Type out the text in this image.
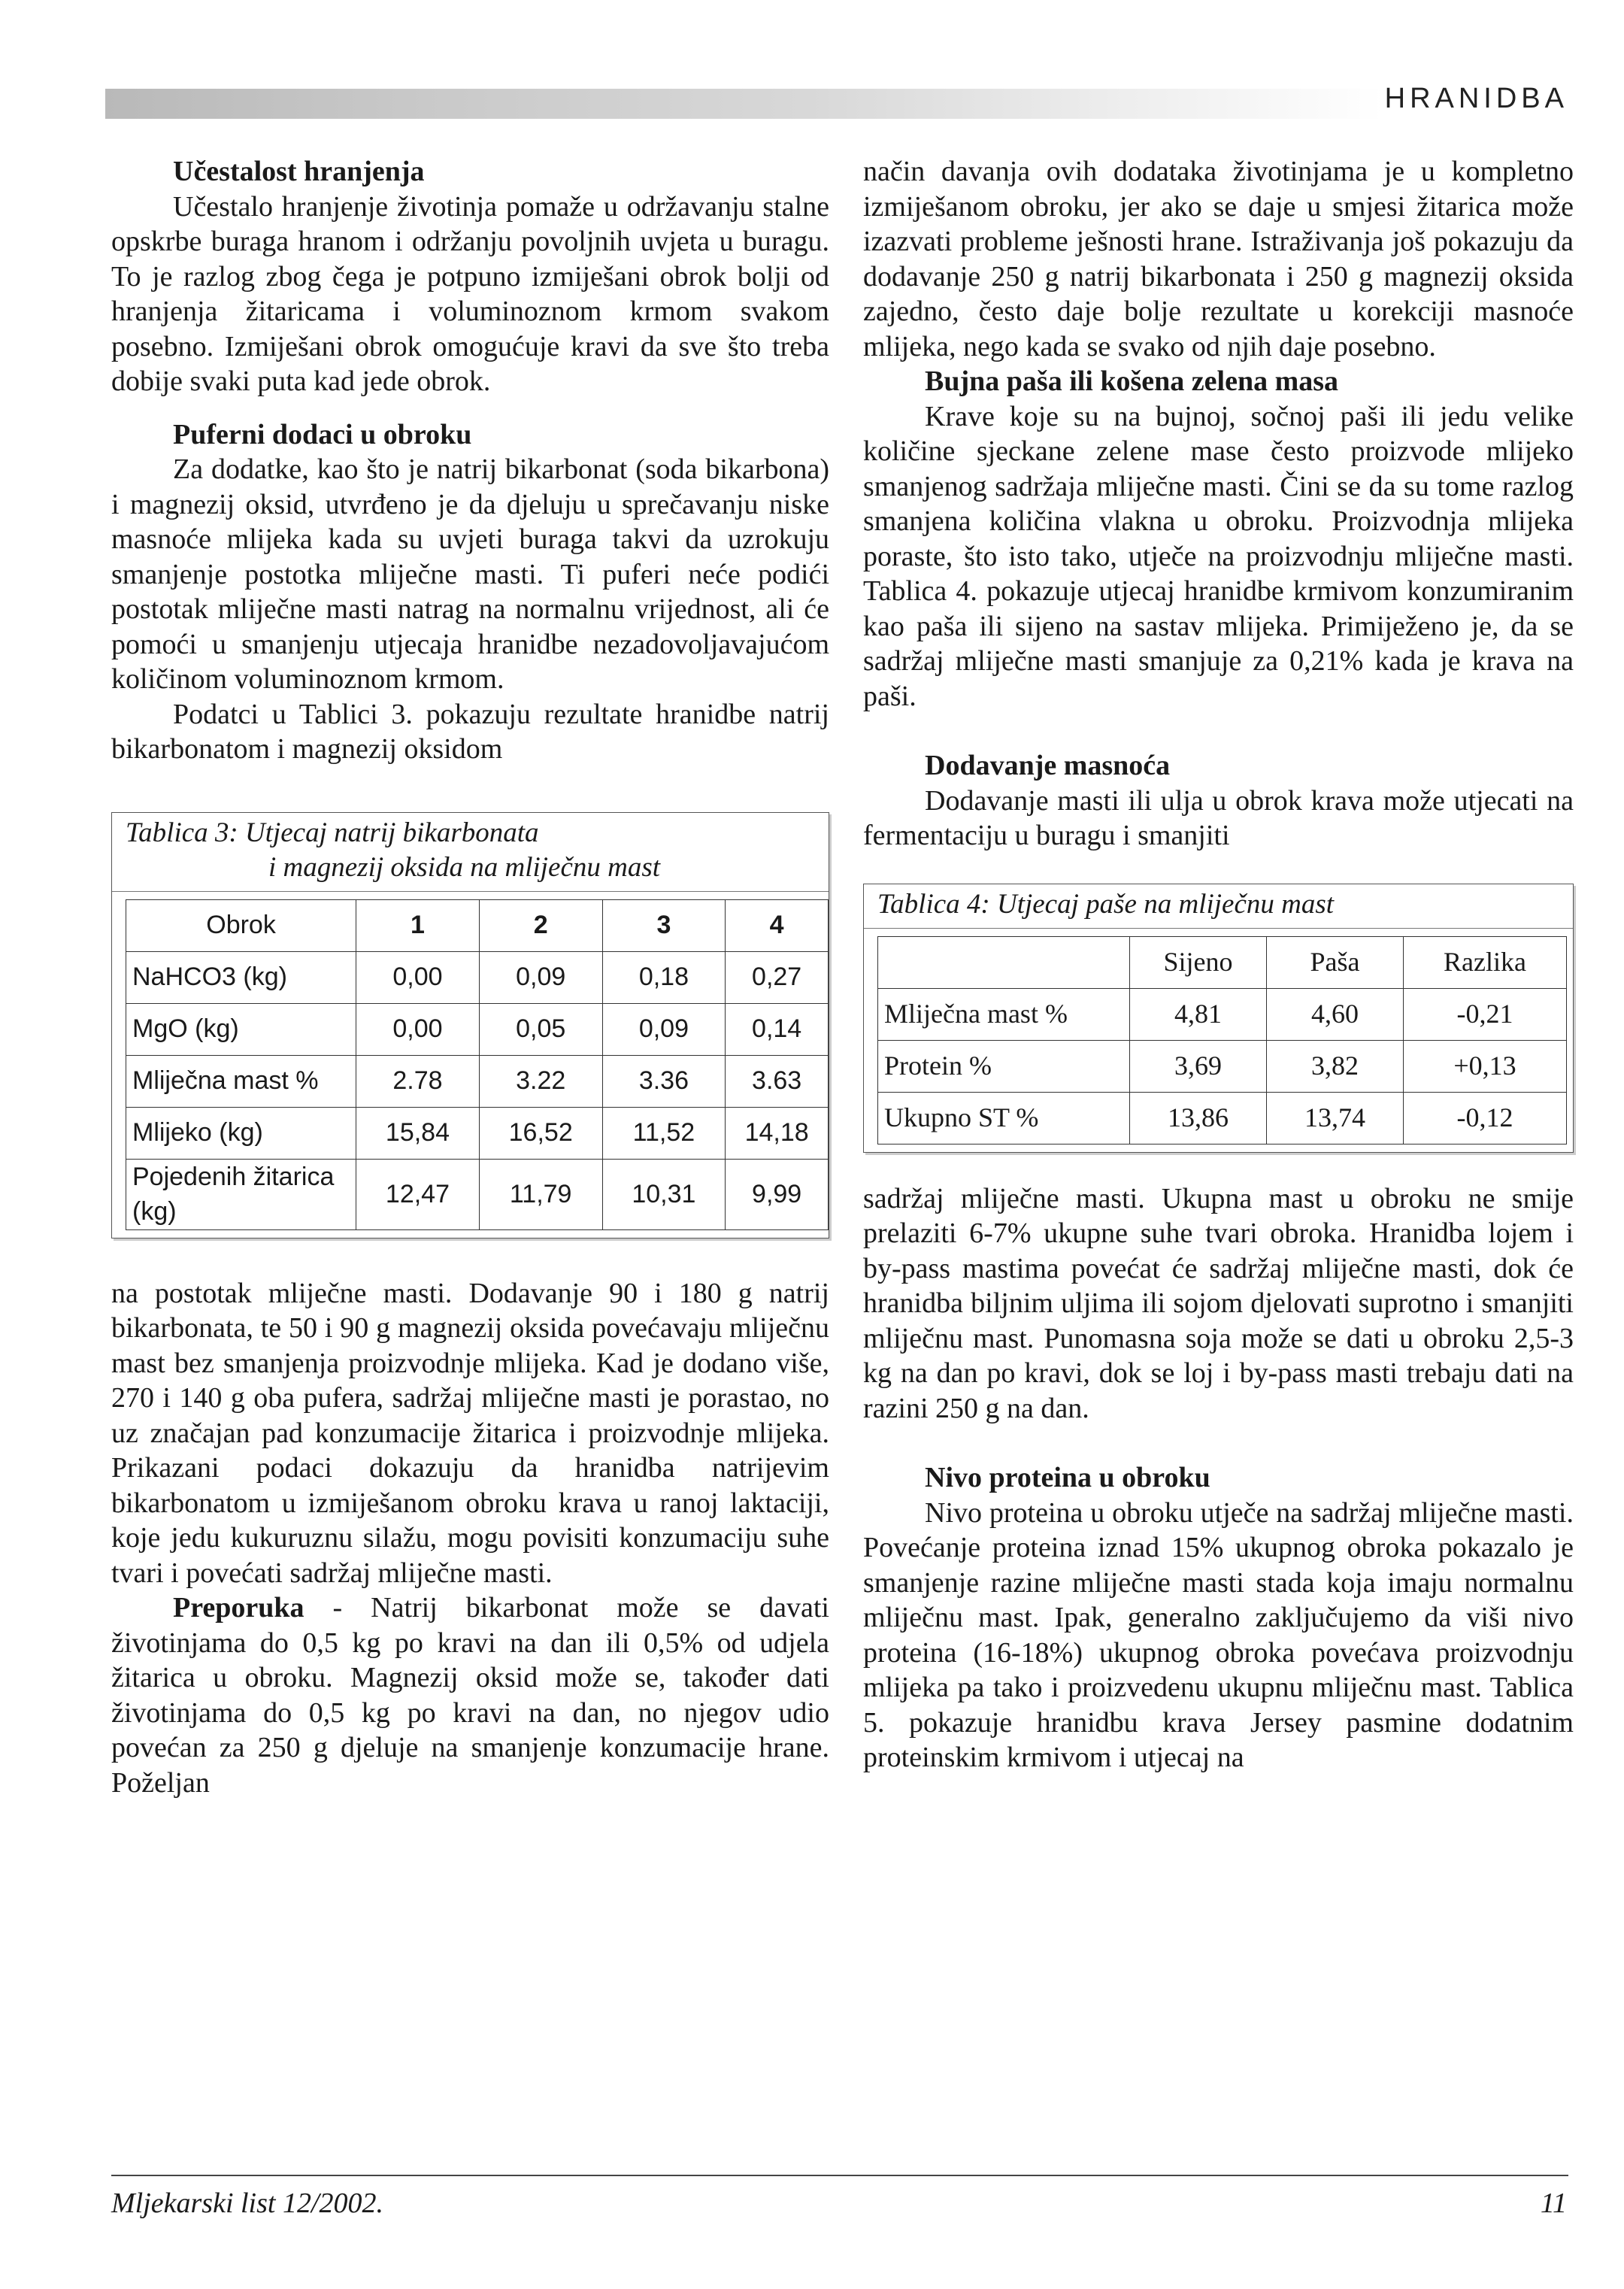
HRANIDBA
Učestalost hranjenja

Učestalo hranjenje životinja pomaže u održavanju stalne opskrbe buraga hranom i održanju povoljnih uvjeta u buragu. To je razlog zbog čega je potpuno izmiješani obrok bolji od hranjenja žitaricama i voluminoznom krmom svakom posebno. Izmiješani obrok omogućuje kravi da sve što treba dobije svaki puta kad jede obrok.

Puferni dodaci u obroku

Za dodatke, kao što je natrij bikarbonat (soda bikarbona) i magnezij oksid, utvrđeno je da djeluju u sprečavanju niske masnoće mlijeka kada su uvjeti buraga takvi da uzrokuju smanjenje postotka mliječne masti. Ti puferi neće podići postotak mliječne masti natrag na normalnu vrijednost, ali će pomoći u smanjenju utjecaja hranidbe nezadovoljavajućom količinom voluminoznom krmom.

Podatci u Tablici 3. pokazuju rezultate hranidbe natrij bikarbonatom i magnezij oksidom

Tablica 3: Utjecaj natrij bikarbonata
i magnezij oksida na mliječnu mast
Obrok	1	2	3	4
NaHCO3 (kg)	0,00	0,09	0,18	0,27
MgO (kg)	0,00	0,05	0,09	0,14
Mliječna mast %	2.78	3.22	3.36	3.63
Mlijeko (kg)	15,84	16,52	11,52	14,18
Pojedenih žitarica (kg)	12,47	11,79	10,31	9,99

na postotak mliječne masti. Dodavanje 90 i 180 g natrij bikarbonata, te 50 i 90 g magnezij oksida povećavaju mliječnu mast bez smanjenja proizvodnje mlijeka. Kad je dodano više, 270 i 140 g oba pufera, sadržaj mliječne masti je porastao, no uz značajan pad konzumacije žitarica i proizvodnje mlijeka. Prikazani podaci dokazuju da hranidba natrijevim bikarbonatom u izmiješanom obroku krava u ranoj laktaciji, koje jedu kukuruznu silažu, mogu povisiti konzumaciju suhe tvari i povećati sadržaj mliječne masti.

Preporuka - Natrij bikarbonat može se davati životinjama do 0,5 kg po kravi na dan ili 0,5% od udjela žitarica u obroku. Magnezij oksid može se, također dati životinjama do 0,5 kg po kravi na dan, no njegov udio povećan za 250 g djeluje na smanjenje konzumacije hrane. Poželjan

način davanja ovih dodataka životinjama je u kompletno izmiješanom obroku, jer ako se daje u smjesi žitarica može izazvati probleme ješnosti hrane. Istraživanja još pokazuju da dodavanje 250 g natrij bikarbonata i 250 g magnezij oksida zajedno, često daje bolje rezultate u korekciji masnoće mlijeka, nego kada se svako od njih daje posebno.

Bujna paša ili košena zelena masa

Krave koje su na bujnoj, sočnoj paši ili jedu velike količine sjeckane zelene mase često proizvode mlijeko smanjenog sadržaja mliječne masti. Čini se da su tome razlog smanjena količina vlakna u obroku. Proizvodnja mlijeka poraste, što isto tako, utječe na proizvodnju mliječne masti. Tablica 4. pokazuje utjecaj hranidbe krmivom konzumiranim kao paša ili sijeno na sastav mlijeka. Primiježeno je, da se sadržaj mliječne masti smanjuje za 0,21% kada je krava na paši.

Dodavanje masnoća

Dodavanje masti ili ulja u obrok krava može utjecati na fermentaciju u buragu i smanjiti

Tablica 4: Utjecaj paše na mliječnu mast
	Sijeno	Paša	Razlika
Mliječna mast %	4,81	4,60	-0,21
Protein %	3,69	3,82	+0,13
Ukupno ST %	13,86	13,74	-0,12

sadržaj mliječne masti. Ukupna mast u obroku ne smije prelaziti 6-7% ukupne suhe tvari obroka. Hranidba lojem i by-pass mastima povećat će sadržaj mliječne masti, dok će hranidba biljnim uljima ili sojom djelovati suprotno i smanjiti mliječnu mast. Punomasna soja može se dati u obroku 2,5-3 kg na dan po kravi, dok se loj i by-pass masti trebaju dati na razini 250 g na dan.

Nivo proteina u obroku

Nivo proteina u obroku utječe na sadržaj mliječne masti. Povećanje proteina iznad 15% ukupnog obroka pokazalo je smanjenje razine mliječne masti stada koja imaju normalnu mliječnu mast. Ipak, generalno zaključujemo da viši nivo proteina (16-18%) ukupnog obroka povećava proizvodnju mlijeka pa tako i proizvedenu ukupnu mliječnu mast. Tablica 5. pokazuje hranidbu krava Jersey pasmine dodatnim proteinskim krmivom i utjecaj na

Mljekarski list 12/2002.	11
